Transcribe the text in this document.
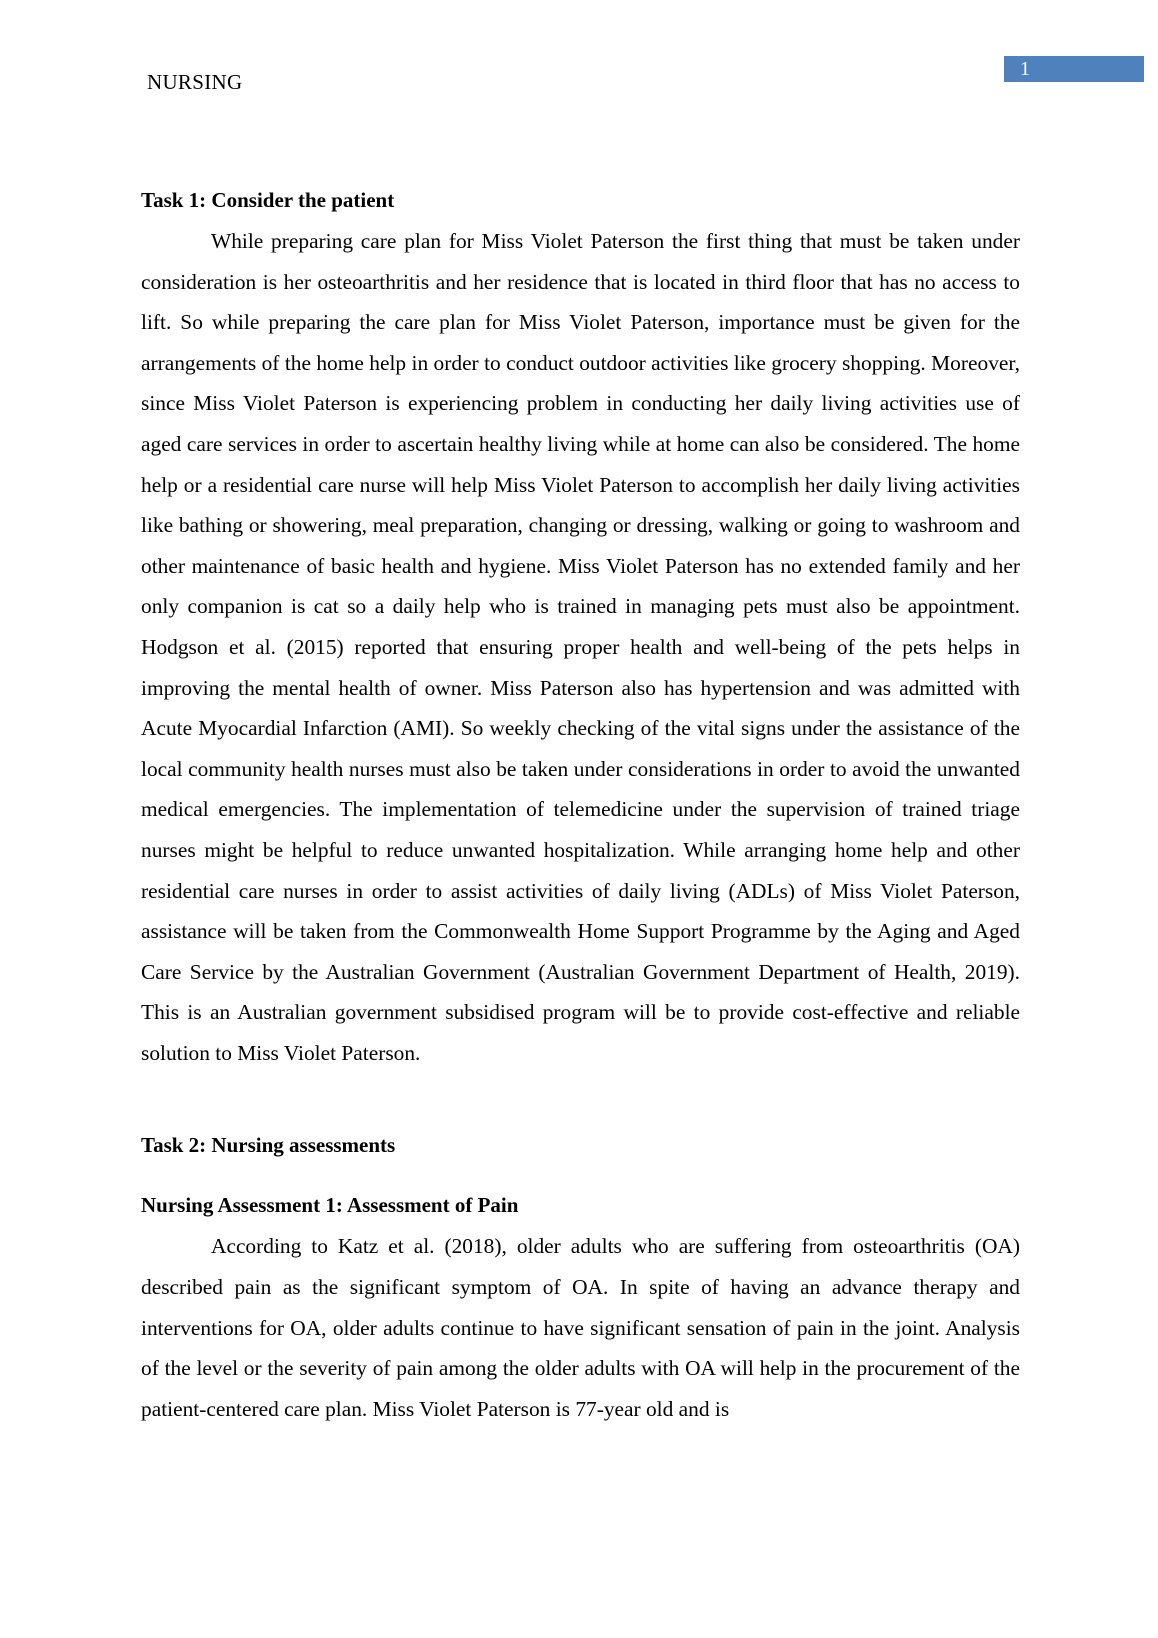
NURSING
1
Task 1: Consider the patient

While preparing care plan for Miss Violet Paterson the first thing that must be taken under consideration is her osteoarthritis and her residence that is located in third floor that has no access to lift. So while preparing the care plan for Miss Violet Paterson, importance must be given for the arrangements of the home help in order to conduct outdoor activities like grocery shopping. Moreover, since Miss Violet Paterson is experiencing problem in conducting her daily living activities use of aged care services in order to ascertain healthy living while at home can also be considered. The home help or a residential care nurse will help Miss Violet Paterson to accomplish her daily living activities like bathing or showering, meal preparation, changing or dressing, walking or going to washroom and other maintenance of basic health and hygiene. Miss Violet Paterson has no extended family and her only companion is cat so a daily help who is trained in managing pets must also be appointment. Hodgson et al. (2015) reported that ensuring proper health and well-being of the pets helps in improving the mental health of owner. Miss Paterson also has hypertension and was admitted with Acute Myocardial Infarction (AMI). So weekly checking of the vital signs under the assistance of the local community health nurses must also be taken under considerations in order to avoid the unwanted medical emergencies. The implementation of telemedicine under the supervision of trained triage nurses might be helpful to reduce unwanted hospitalization. While arranging home help and other residential care nurses in order to assist activities of daily living (ADLs) of Miss Violet Paterson, assistance will be taken from the Commonwealth Home Support Programme by the Aging and Aged Care Service by the Australian Government (Australian Government Department of Health, 2019). This is an Australian government subsidised program will be to provide cost-effective and reliable solution to Miss Violet Paterson.

Task 2: Nursing assessments
Nursing Assessment 1: Assessment of Pain

According to Katz et al. (2018), older adults who are suffering from osteoarthritis (OA) described pain as the significant symptom of OA. In spite of having an advance therapy and interventions for OA, older adults continue to have significant sensation of pain in the joint. Analysis of the level or the severity of pain among the older adults with OA will help in the procurement of the patient-centered care plan. Miss Violet Paterson is 77-year old and is
